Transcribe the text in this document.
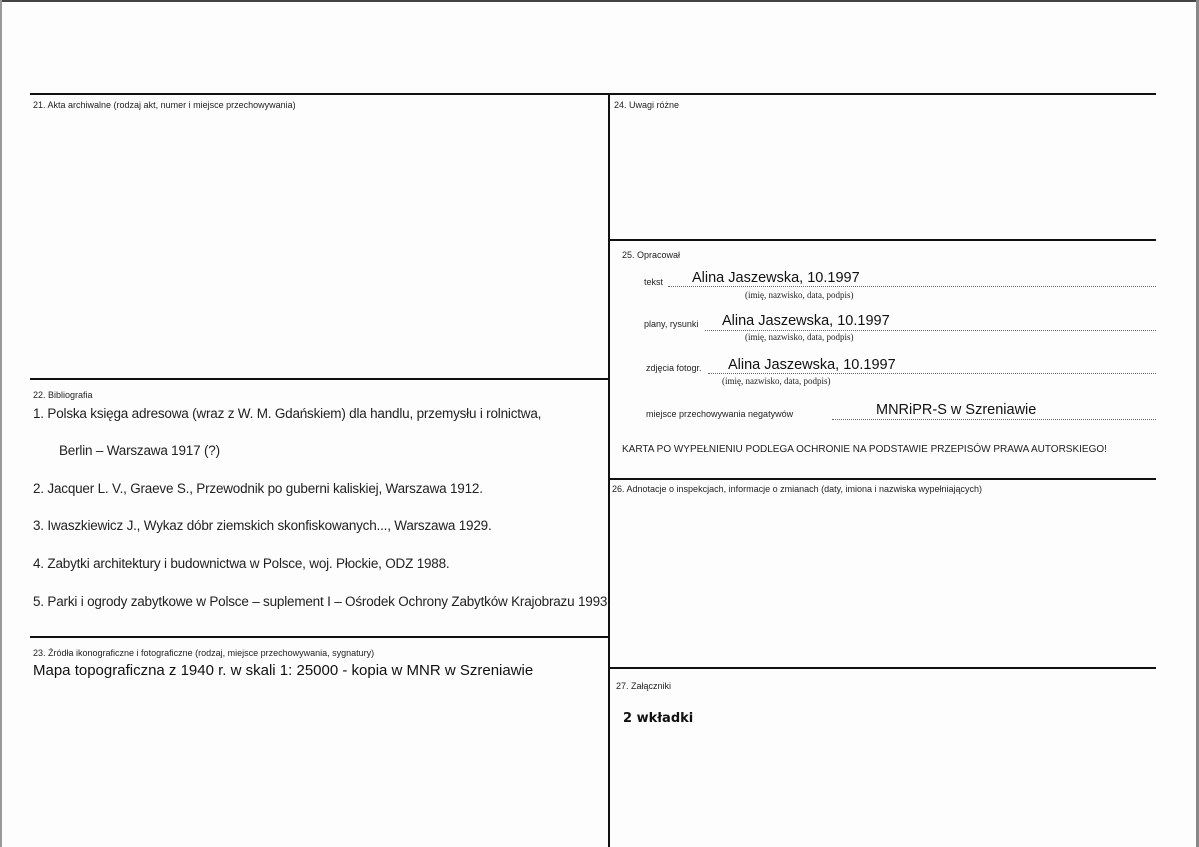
21. Akta archiwalne (rodzaj akt, numer i miejsce przechowywania)
22. Bibliografia
1. Polska księga adresowa (wraz z W. M. Gdańskiem) dla handlu, przemysłu i rolnictwa,
Berlin – Warszawa 1917 (?)
2. Jacquer L. V., Graeve S., Przewodnik po guberni kaliskiej, Warszawa 1912.
3. Iwaszkiewicz J., Wykaz dóbr ziemskich skonfiskowanych..., Warszawa 1929.
4. Zabytki architektury i budownictwa w Polsce, woj. Płockie, ODZ 1988.
5. Parki i ogrody zabytkowe w Polsce – suplement I – Ośrodek Ochrony Zabytków Krajobrazu 1993.
23. Źródła ikonograficzne i fotograficzne (rodzaj, miejsce przechowywania, sygnatury)
Mapa topograficzna z 1940 r. w skali 1: 25000 - kopia w MNR w Szreniawie
24. Uwagi różne
25. Opracował
tekst Alina Jaszewska, 10.1997
(imię, nazwisko, data, podpis)
plany, rysunki Alina Jaszewska, 10.1997
(imię, nazwisko, data, podpis)
zdjęcia fotogr. Alina Jaszewska, 10.1997
(imię, nazwisko, data, podpis)
miejsce przechowywania negatywów	MNRiPR-S w Szreniawie
KARTA PO WYPEŁNIENIU PODLEGA OCHRONIE NA PODSTAWIE PRZEPISÓW PRAWA AUTORSKIEGO!
26. Adnotacje o inspekcjach, informacje o zmianach (daty, imiona i nazwiska wypełniających)
27. Załączniki
2 wkładki
